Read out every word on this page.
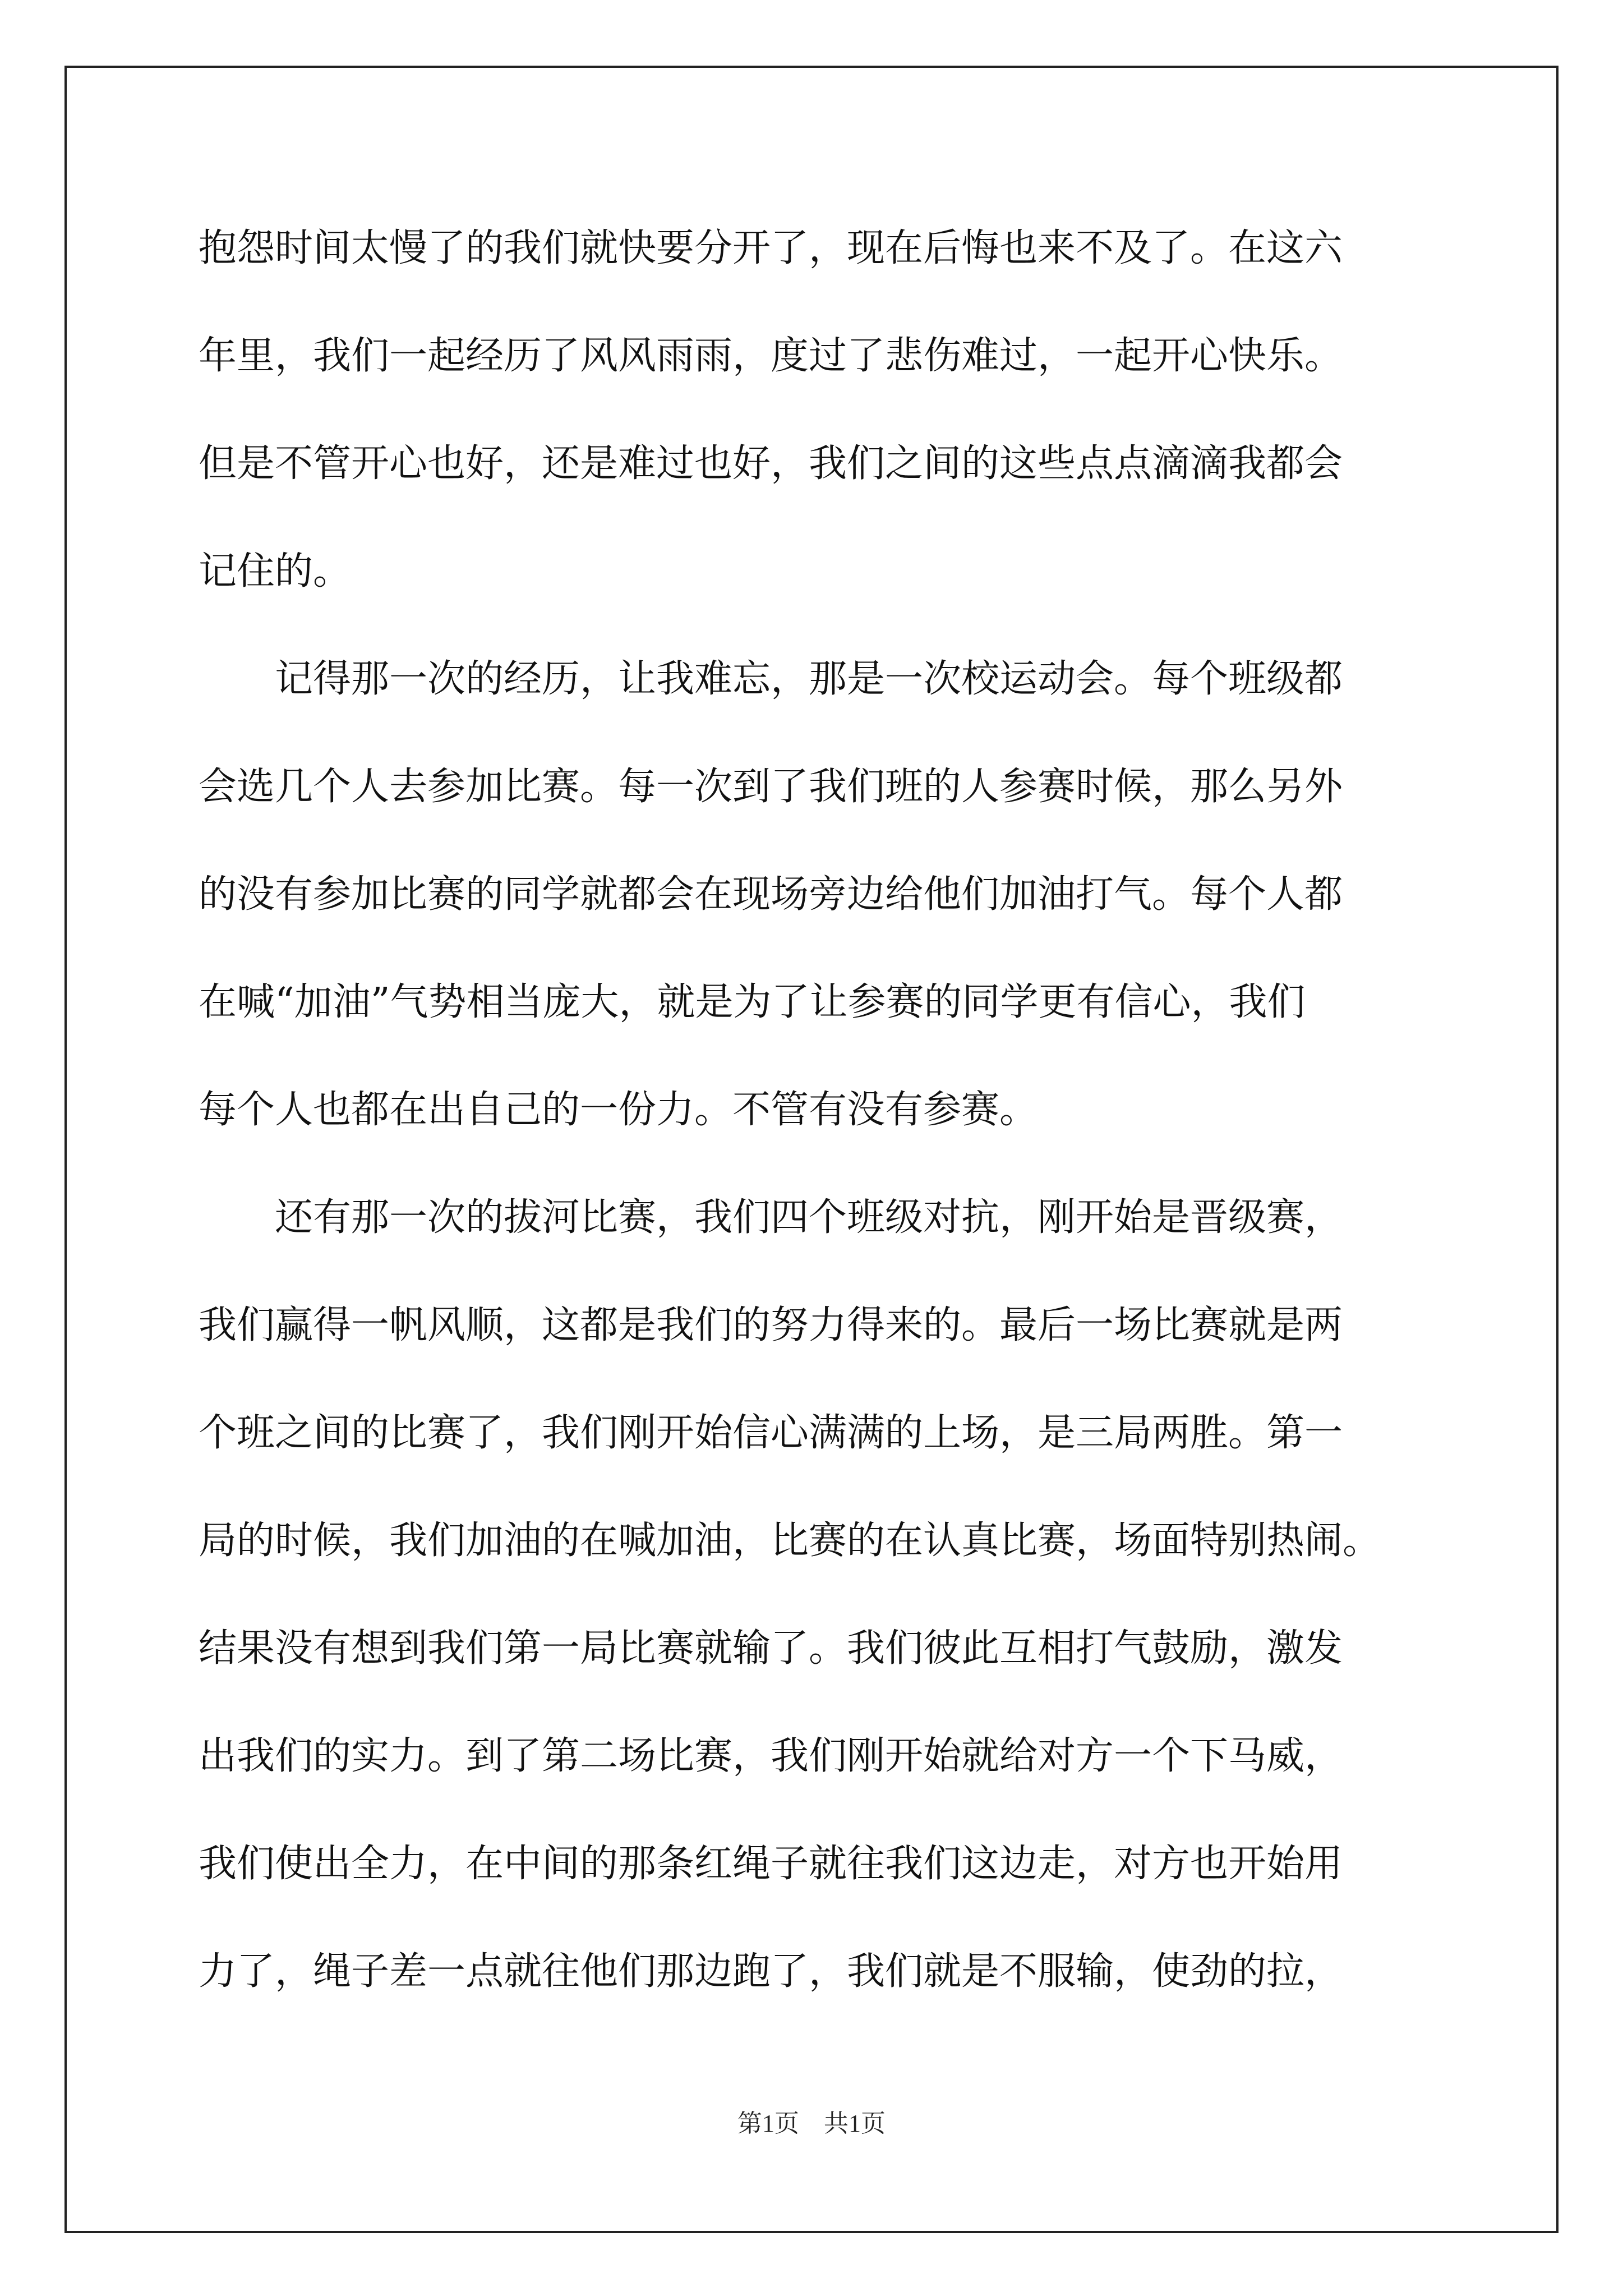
抱怨时间太慢了的我们就快要分开了，现在后悔也来不及了。在这六
年里，我们一起经历了风风雨雨，度过了悲伤难过，一起开心快乐。
但是不管开心也好，还是难过也好，我们之间的这些点点滴滴我都会
记住的。
　　记得那一次的经历，让我难忘，那是一次校运动会。每个班级都
会选几个人去参加比赛。每一次到了我们班的人参赛时候，那么另外
的没有参加比赛的同学就都会在现场旁边给他们加油打气。每个人都
在喊“加油”气势相当庞大，就是为了让参赛的同学更有信心，我们
每个人也都在出自己的一份力。不管有没有参赛。
　　还有那一次的拔河比赛，我们四个班级对抗，刚开始是晋级赛，
我们赢得一帆风顺，这都是我们的努力得来的。最后一场比赛就是两
个班之间的比赛了，我们刚开始信心满满的上场，是三局两胜。第一
局的时候，我们加油的在喊加油，比赛的在认真比赛，场面特别热闹。
结果没有想到我们第一局比赛就输了。我们彼此互相打气鼓励，激发
出我们的实力。到了第二场比赛，我们刚开始就给对方一个下马威，
我们使出全力，在中间的那条红绳子就往我们这边走，对方也开始用
力了，绳子差一点就往他们那边跑了，我们就是不服输，使劲的拉，
第1页　共1页
